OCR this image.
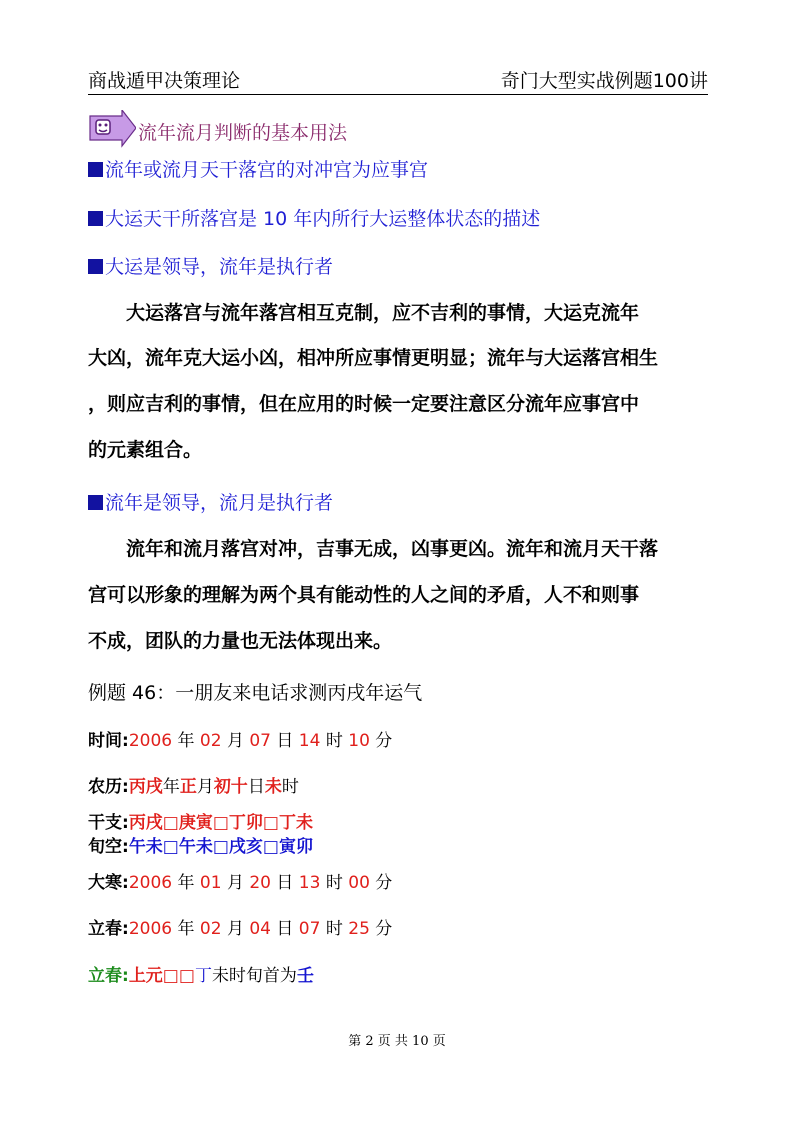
商战遁甲决策理论	奇门大型实战例题100讲
流年流月判断的基本用法
流年或流月天干落宫的对冲宫为应事宫
大运天干所落宫是 10 年内所行大运整体状态的描述
大运是领导，流年是执行者
大运落宫与流年落宫相互克制，应不吉利的事情，大运克流年
大凶，流年克大运小凶，相冲所应事情更明显；流年与大运落宫相生
，则应吉利的事情，但在应用的时候一定要注意区分流年应事宫中
的元素组合。
流年是领导，流月是执行者
流年和流月落宫对冲，吉事无成，凶事更凶。流年和流月天干落
宫可以形象的理解为两个具有能动性的人之间的矛盾，人不和则事
不成，团队的力量也无法体现出来。
例题 46：一朋友来电话求测丙戌年运气
时间:2006 年 02 月 07 日 14 时 10 分
农历:丙戌年正月初十日未时
干支:丙戌□庚寅□丁卯□丁未
旬空:午未□午未□戌亥□寅卯
大寒:2006 年 01 月 20 日 13 时 00 分
立春:2006 年 02 月 04 日 07 时 25 分
立春:上元□□丁未时旬首为壬
第 2 页 共 10 页
